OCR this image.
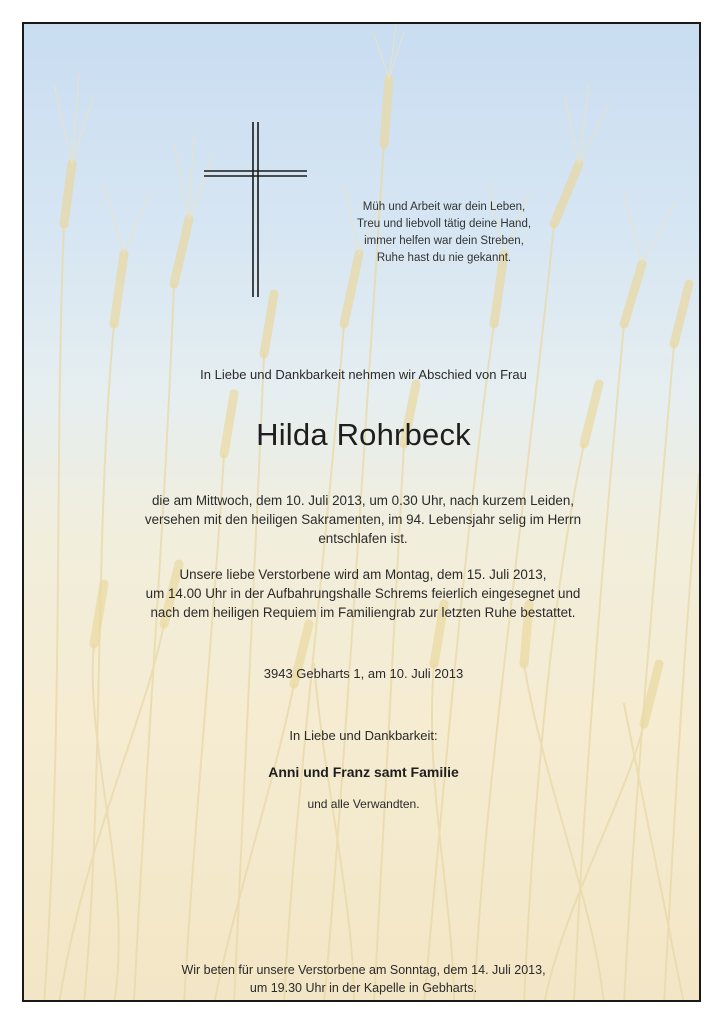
Müh und Arbeit war dein Leben,
Treu und liebvoll tätig deine Hand,
immer helfen war dein Streben,
Ruhe hast du nie gekannt.
In Liebe und Dankbarkeit nehmen wir Abschied von Frau
Hilda Rohrbeck
die am Mittwoch, dem 10. Juli 2013, um 0.30 Uhr, nach kurzem Leiden,
versehen mit den heiligen Sakramenten, im 94. Lebensjahr selig im Herrn
entschlafen ist.
Unsere liebe Verstorbene wird am Montag, dem 15. Juli 2013,
um 14.00 Uhr in der Aufbahrungshalle Schrems feierlich eingesegnet und
nach dem heiligen Requiem im Familiengrab zur letzten Ruhe bestattet.
3943 Gebharts 1, am 10. Juli 2013
In Liebe und Dankbarkeit:
Anni und Franz samt Familie
und alle Verwandten.
Wir beten für unsere Verstorbene am Sonntag, dem 14. Juli 2013,
um 19.30 Uhr in der Kapelle in Gebharts.
